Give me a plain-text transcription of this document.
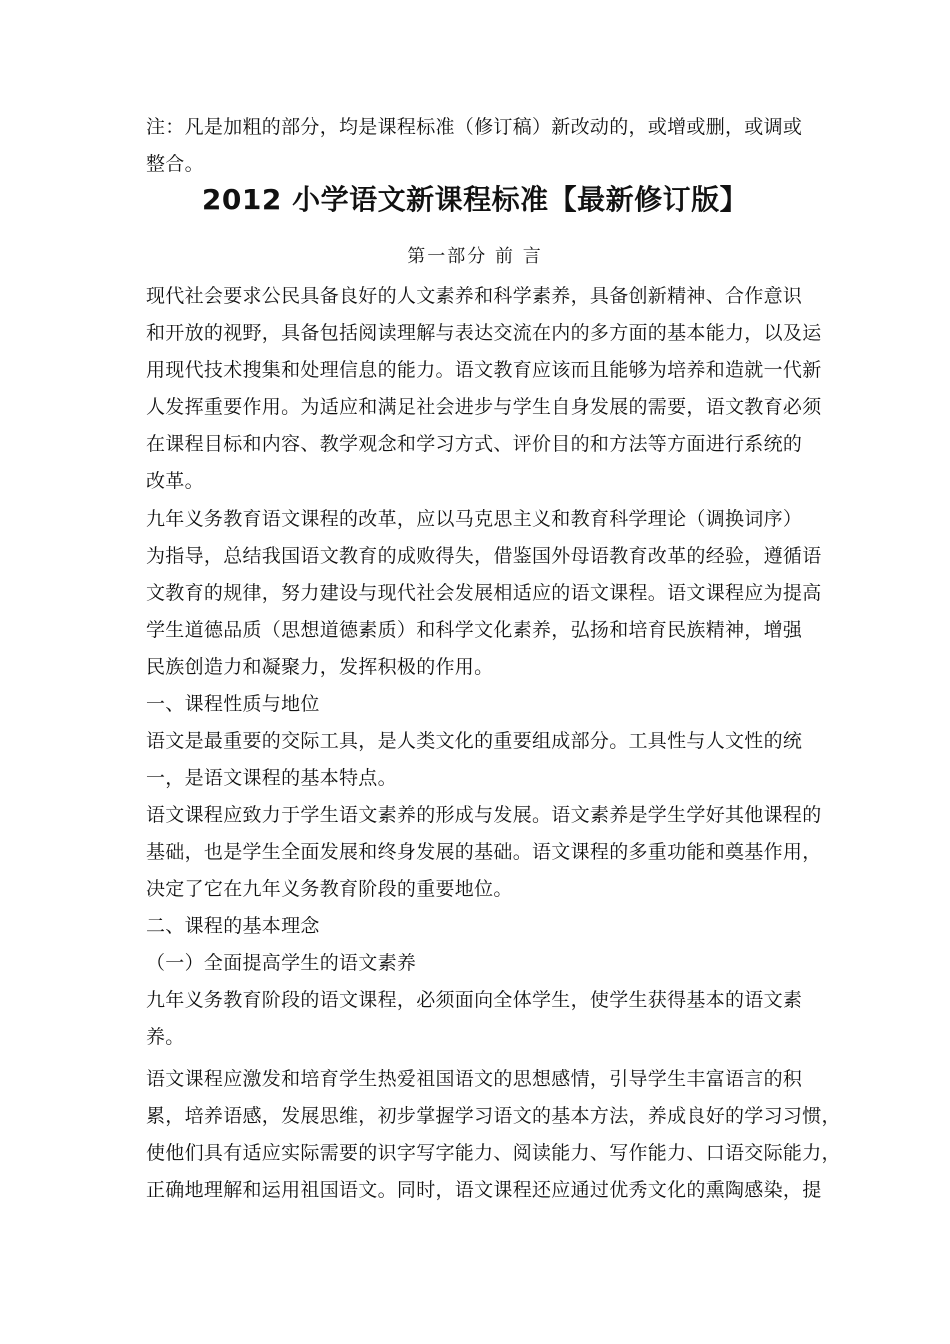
注：凡是加粗的部分，均是课程标准（修订稿）新改动的，或增或删，或调或
整合。
2012 小学语文新课程标准【最新修订版】
第一部分 前 言
现代社会要求公民具备良好的人文素养和科学素养，具备创新精神、合作意识
和开放的视野，具备包括阅读理解与表达交流在内的多方面的基本能力，以及运
用现代技术搜集和处理信息的能力。语文教育应该而且能够为培养和造就一代新
人发挥重要作用。为适应和满足社会进步与学生自身发展的需要，语文教育必须
在课程目标和内容、教学观念和学习方式、评价目的和方法等方面进行系统的
改革。
九年义务教育语文课程的改革，应以马克思主义和教育科学理论（调换词序）
为指导，总结我国语文教育的成败得失，借鉴国外母语教育改革的经验，遵循语
文教育的规律，努力建设与现代社会发展相适应的语文课程。语文课程应为提高
学生道德品质（思想道德素质）和科学文化素养，弘扬和培育民族精神，增强
民族创造力和凝聚力，发挥积极的作用。
一、课程性质与地位
语文是最重要的交际工具，是人类文化的重要组成部分。工具性与人文性的统
一，是语文课程的基本特点。
语文课程应致力于学生语文素养的形成与发展。语文素养是学生学好其他课程的
基础，也是学生全面发展和终身发展的基础。语文课程的多重功能和奠基作用，
决定了它在九年义务教育阶段的重要地位。
二、课程的基本理念
（一）全面提高学生的语文素养
九年义务教育阶段的语文课程，必须面向全体学生，使学生获得基本的语文素
养。
语文课程应激发和培育学生热爱祖国语文的思想感情，引导学生丰富语言的积
累，培养语感，发展思维，初步掌握学习语文的基本方法，养成良好的学习习惯，
使他们具有适应实际需要的识字写字能力、阅读能力、写作能力、口语交际能力，
正确地理解和运用祖国语文。同时，语文课程还应通过优秀文化的熏陶感染，提
